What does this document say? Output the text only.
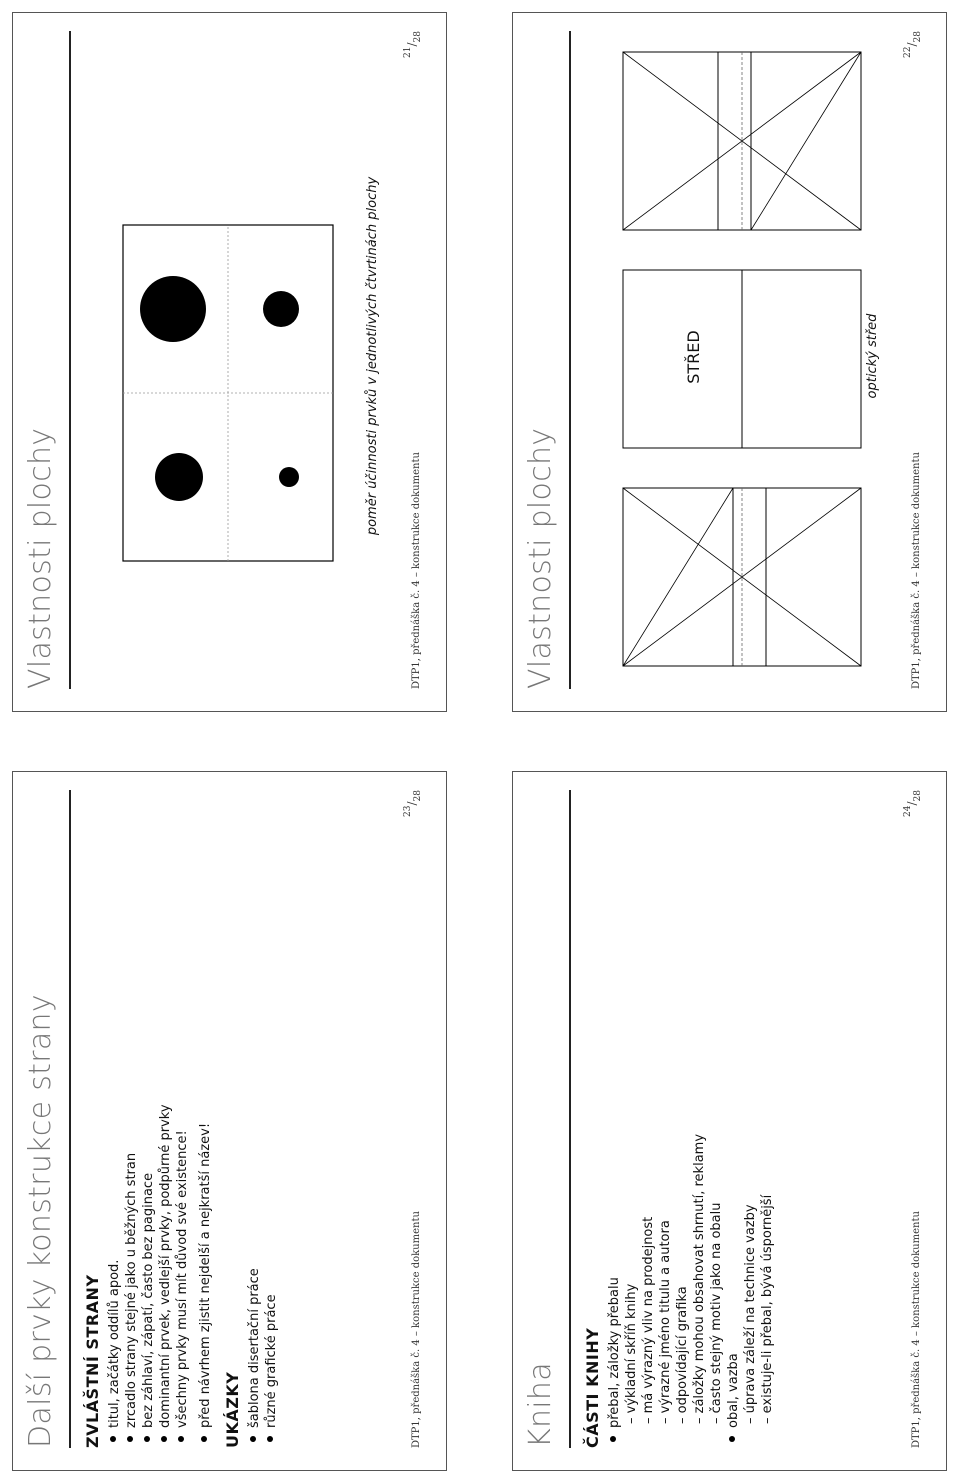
Vlastnosti plochy
poměr účinnosti prvků v jednotlivých čtvrtinách plochy
DTP1, přednáška č. 4 – konstrukce dokumentu
$^{21}/_{28}$
Vlastnosti plochy
STŘED	optický střed
DTP1, přednáška č. 4 – konstrukce dokumentu
$^{22}/_{28}$
Další prvky konstrukce strany ZVLÁŠTNÍ STRANY titul, začátky oddílů apod. zrcadlo strany stejné jako u běžných stran bez záhlaví, zápatí, často bez paginace dominantní prvek, vedlejší prvky, podpůrné prvky všechny prvky musí mít důvod své existence! před návrhem zjistit nejdelší a nejkratší název! UKÁZKY šablona disertační práce různé grafické práce	DTP1, přednáška č. 4 – konstrukce dokumentu
$^{23}/_{28}$
Kniha ČÁSTI KNIHY přebal, záložky přebalu – výkladní skříň knihy
– má výrazný vliv na prodejnost
– výrazné jméno titulu a autora
– odpovídající grafika
– záložky mohou obsahovat shrnutí, reklamy
– často stejný motiv jako na obalu obal, vazba – úprava záleží na technice vazby
– existuje-li přebal, bývá úspornější	DTP1, přednáška č. 4 – konstrukce dokumentu
$^{24}/_{28}$
